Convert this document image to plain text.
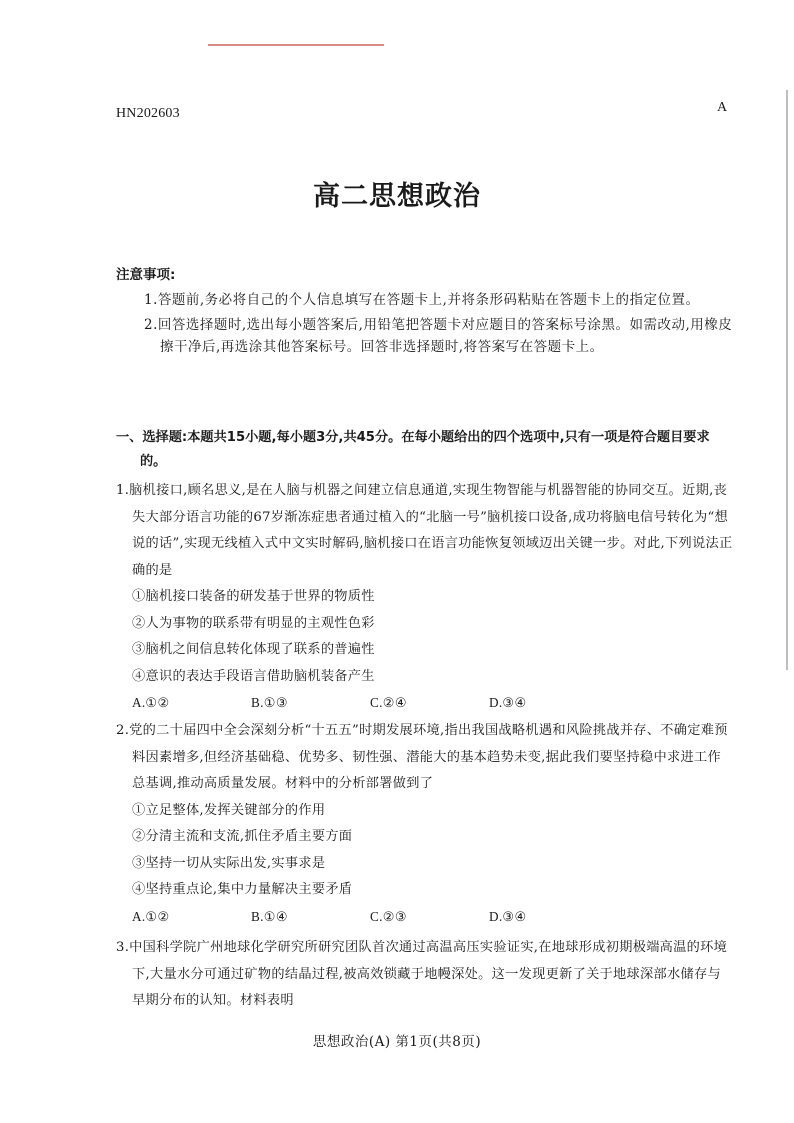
HN202603	A
高二思想政治
注意事项:
1.答题前,务必将自己的个人信息填写在答题卡上,并将条形码粘贴在答题卡上的指定位置。
2.回答选择题时,选出每小题答案后,用铅笔把答题卡对应题目的答案标号涂黑。如需改动,用橡皮擦干净后,再选涂其他答案标号。回答非选择题时,将答案写在答题卡上。
一、选择题:本题共15小题,每小题3分,共45分。在每小题给出的四个选项中,只有一项是符合题目要求的。
1.脑机接口,顾名思义,是在人脑与机器之间建立信息通道,实现生物智能与机器智能的协同交互。近期,丧失大部分语言功能的67岁渐冻症患者通过植入的“北脑一号”脑机接口设备,成功将脑电信号转化为“想说的话”,实现无线植入式中文实时解码,脑机接口在语言功能恢复领域迈出关键一步。对此,下列说法正确的是
①脑机接口装备的研发基于世界的物质性
②人为事物的联系带有明显的主观性色彩
③脑机之间信息转化体现了联系的普遍性
④意识的表达手段语言借助脑机装备产生
A.①②	B.①③	C.②④	D.③④
2.党的二十届四中全会深刻分析“十五五”时期发展环境,指出我国战略机遇和风险挑战并存、不确定难预料因素增多,但经济基础稳、优势多、韧性强、潜能大的基本趋势未变,据此我们要坚持稳中求进工作总基调,推动高质量发展。材料中的分析部署做到了
①立足整体,发挥关键部分的作用
②分清主流和支流,抓住矛盾主要方面
③坚持一切从实际出发,实事求是
④坚持重点论,集中力量解决主要矛盾
A.①②	B.①④	C.②③	D.③④
3.中国科学院广州地球化学研究所研究团队首次通过高温高压实验证实,在地球形成初期极端高温的环境下,大量水分可通过矿物的结晶过程,被高效锁藏于地幔深处。这一发现更新了关于地球深部水储存与早期分布的认知。材料表明
思想政治(A) 第1页(共8页)
